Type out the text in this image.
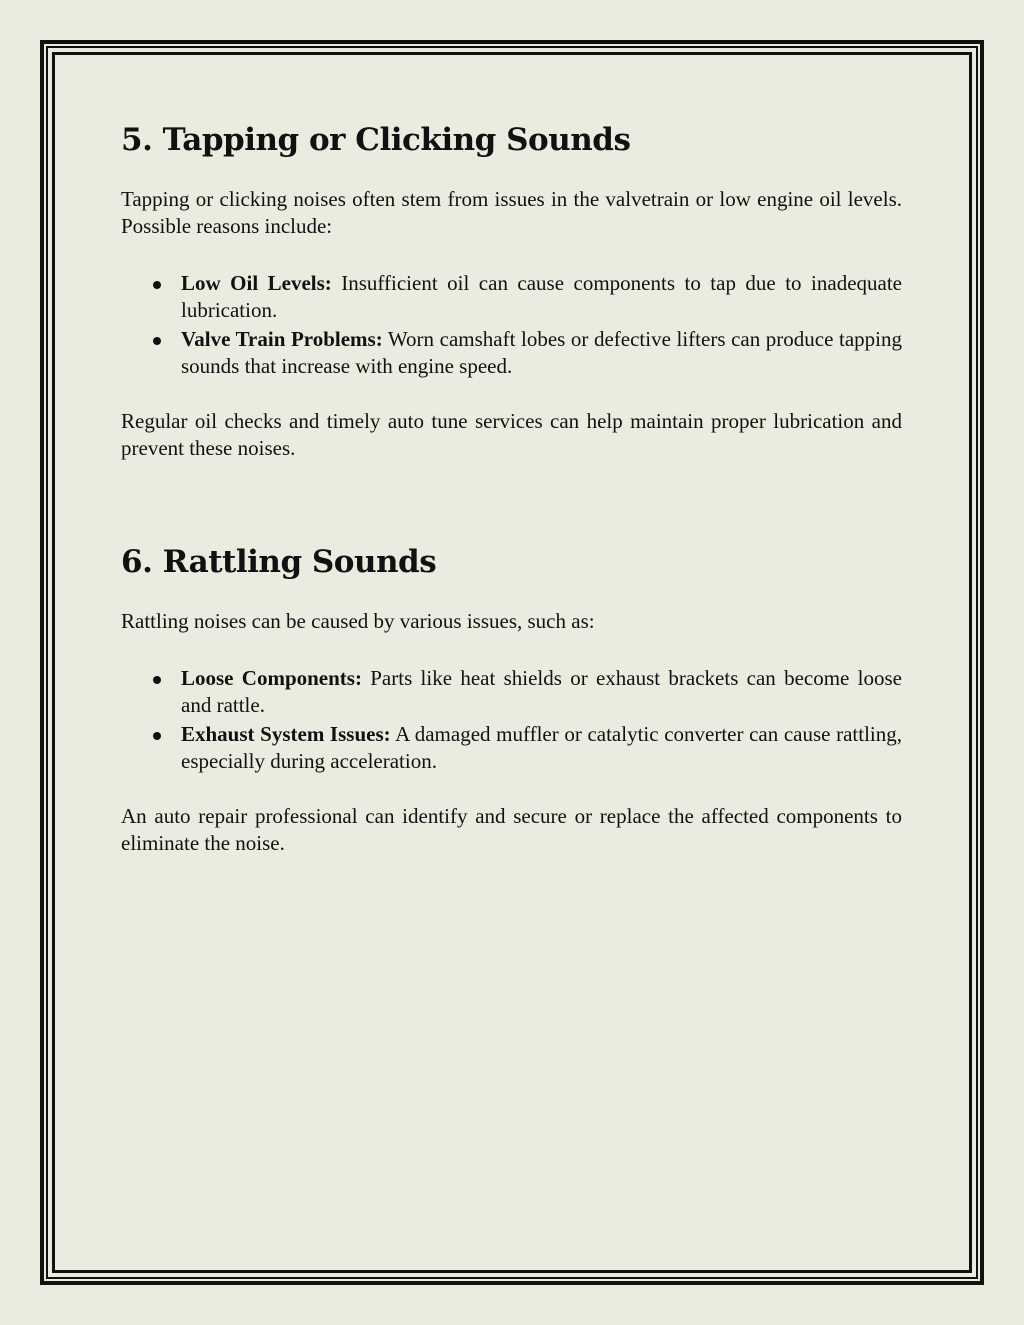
5. Tapping or Clicking Sounds

Tapping or clicking noises often stem from issues in the valvetrain or low engine oil levels. Possible reasons include:

Low Oil Levels: Insufficient oil can cause components to tap due to inadequate lubrication.
Valve Train Problems: Worn camshaft lobes or defective lifters can produce tapping sounds that increase with engine speed.

Regular oil checks and timely auto tune services can help maintain proper lubrication and prevent these noises.

6. Rattling Sounds

Rattling noises can be caused by various issues, such as:

Loose Components: Parts like heat shields or exhaust brackets can become loose and rattle.
Exhaust System Issues: A damaged muffler or catalytic converter can cause rattling, especially during acceleration.

An auto repair professional can identify and secure or replace the affected components to eliminate the noise.
